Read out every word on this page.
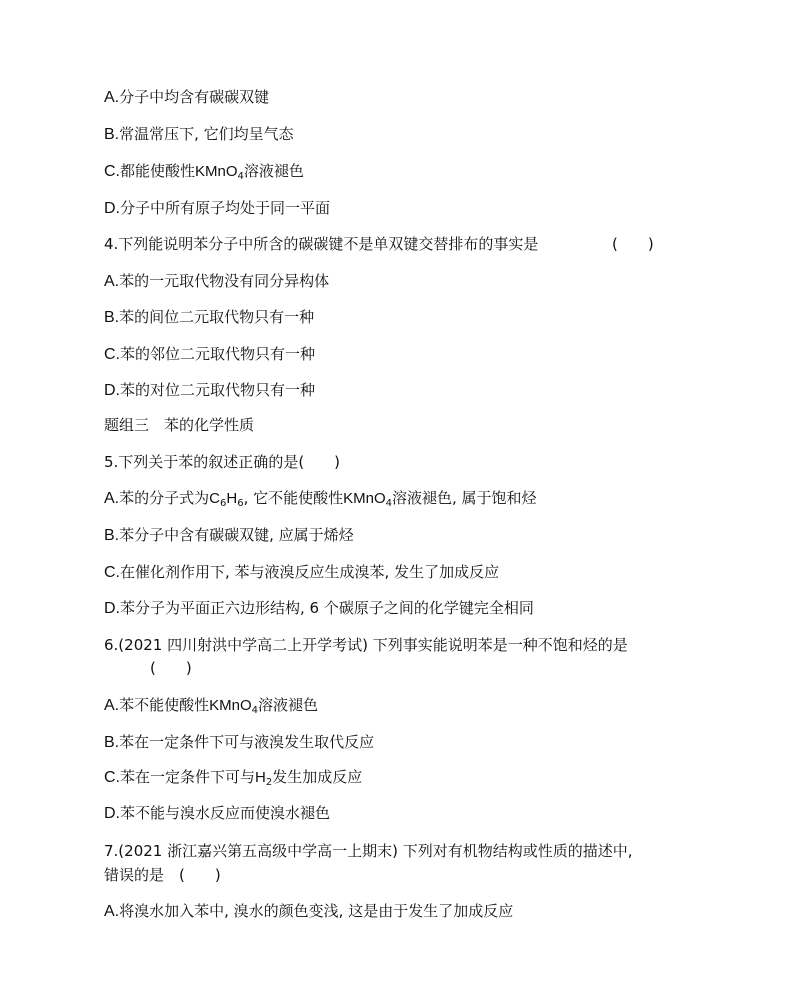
A.分子中均含有碳碳双键
B.常温常压下, 它们均呈气态
C.都能使酸性KMnO$_4$溶液褪色
D.分子中所有原子均处于同一平面
4.下列能说明苯分子中所含的碳碳键不是单双键交替排布的事实是	(　　)
A.苯的一元取代物没有同分异构体
B.苯的间位二元取代物只有一种
C.苯的邻位二元取代物只有一种
D.苯的对位二元取代物只有一种
题组三　苯的化学性质
5.下列关于苯的叙述正确的是(　　)
A.苯的分子式为$C_6H_6$, 它不能使酸性KMnO$_4$溶液褪色, 属于饱和烃
B.苯分子中含有碳碳双键, 应属于烯烃
C.在催化剂作用下, 苯与液溴反应生成溴苯, 发生了加成反应
D.苯分子为平面正六边形结构, 6 个碳原子之间的化学键完全相同
6.(2021 四川射洪中学高二上开学考试) 下列事实能说明苯是一种不饱和烃的是
(　　)
A.苯不能使酸性KMnO$_4$溶液褪色
B.苯在一定条件下可与液溴发生取代反应
C.苯在一定条件下可与$H_2$发生加成反应
D.苯不能与溴水反应而使溴水褪色
7.(2021 浙江嘉兴第五高级中学高一上期末) 下列对有机物结构或性质的描述中,
错误的是　(　　)
A.将溴水加入苯中, 溴水的颜色变浅, 这是由于发生了加成反应
